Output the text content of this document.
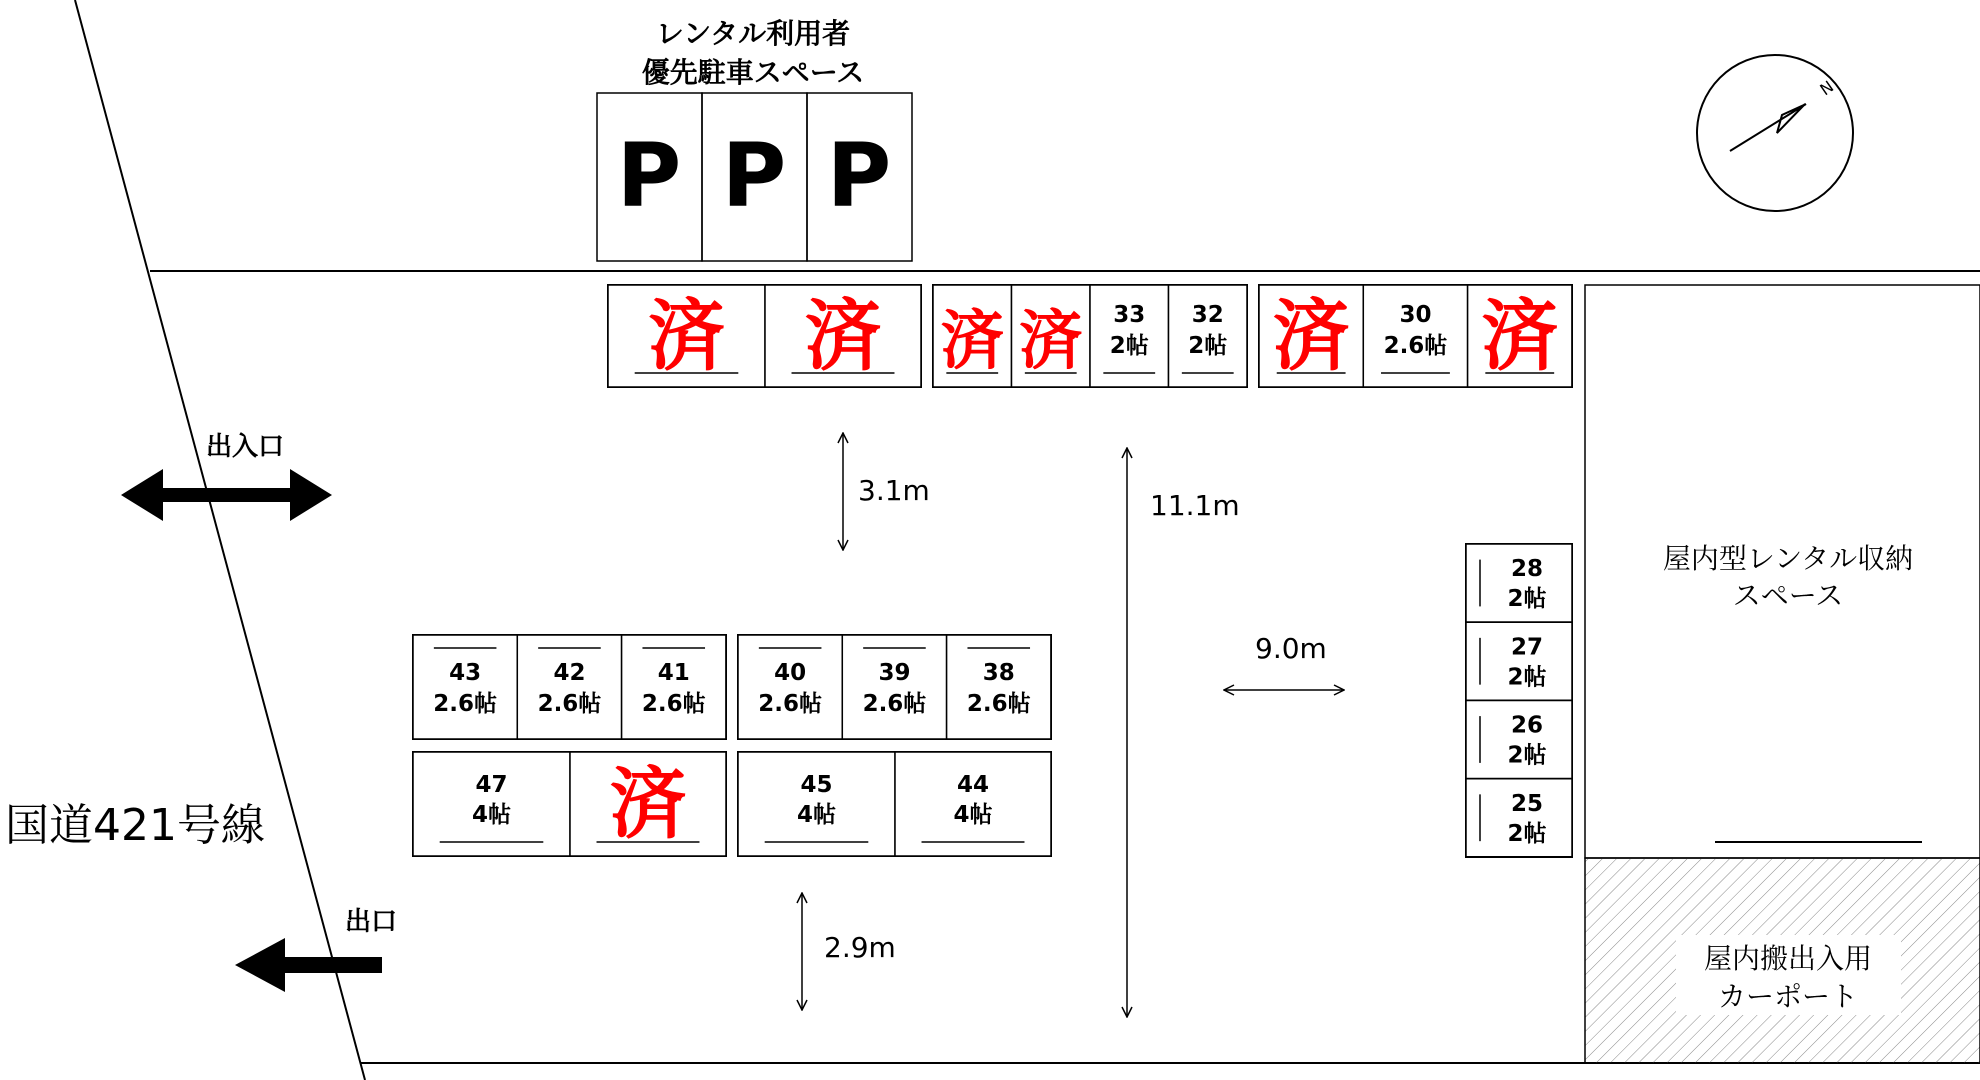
レンタル利用者
優先駐車スペース
P P P
N
済 済 済 済 33
2帖
32
2帖 済 30
2.6帖 済
28
2帖
27
2帖
26
2帖
25
2帖
43
2.6帖
42
2.6帖
41
2.6帖
40
2.6帖
39
2.6帖
38
2.6帖
47
4帖 済	45
4帖
44
4帖
屋内型レンタル収納
スペース
屋内搬出入用
カーポート
3.1m	11.1m
9.0m
2.9m
国道421号線
出入口
出口
